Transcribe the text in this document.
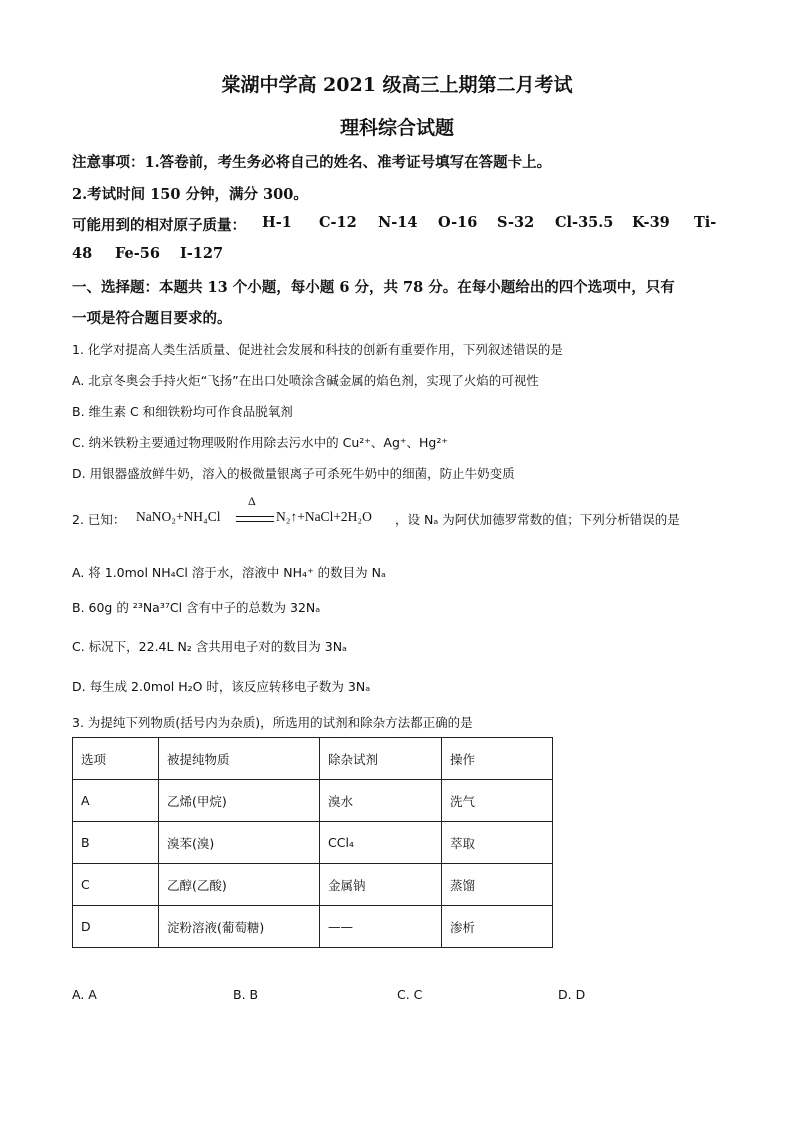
棠湖中学高 2021 级高三上期第二月考试
理科综合试题
注意事项：1.答卷前，考生务必将自己的姓名、准考证号填写在答题卡上。
2.考试时间 150 分钟，满分 300。
可能用到的相对原子质量： H-1 C-12 N-14 O-16 S-32 Cl-35.5 K-39 Ti-
48 Fe-56 I-127
一、选择题：本题共 13 个小题，每小题 6 分，共 78 分。在每小题给出的四个选项中，只有
一项是符合题目要求的。
1. 化学对提高人类生活质量、促进社会发展和科技的创新有重要作用，下列叙述错误的是
A. 北京冬奥会手持火炬“飞扬”在出口处喷涂含碱金属的焰色剂，实现了火焰的可视性
B. 维生素 C 和细铁粉均可作食品脱氧剂
C. 纳米铁粉主要通过物理吸附作用除去污水中的 Cu²⁺、Ag⁺、Hg²⁺
D. 用银器盛放鲜牛奶，溶入的极微量银离子可杀死牛奶中的细菌，防止牛奶变质
2. 已知： NaNO₂+NH₄Cl
Δ
N₂↑+NaCl+2H₂O ，设 Nₐ 为阿伏加德罗常数的值；下列分析错误的是
A. 将 1.0mol NH₄Cl 溶于水，溶液中 NH₄⁺ 的数目为 Nₐ
B. 60g 的 ²³Na³⁷Cl 含有中子的总数为 32Nₐ
C. 标况下，22.4L N₂ 含共用电子对的数目为 3Nₐ
D. 每生成 2.0mol H₂O 时，该反应转移电子数为 3Nₐ
3. 为提纯下列物质(括号内为杂质)，所选用的试剂和除杂方法都正确的是
选项	被提纯物质	除杂试剂	操作
A	乙烯(甲烷)	溴水	洗气
B	溴苯(溴)	CCl₄	萃取
C	乙醇(乙酸)	金属钠	蒸馏
D	淀粉溶液(葡萄糖)	——	渗析
A. A	B. B	C. C	D. D
